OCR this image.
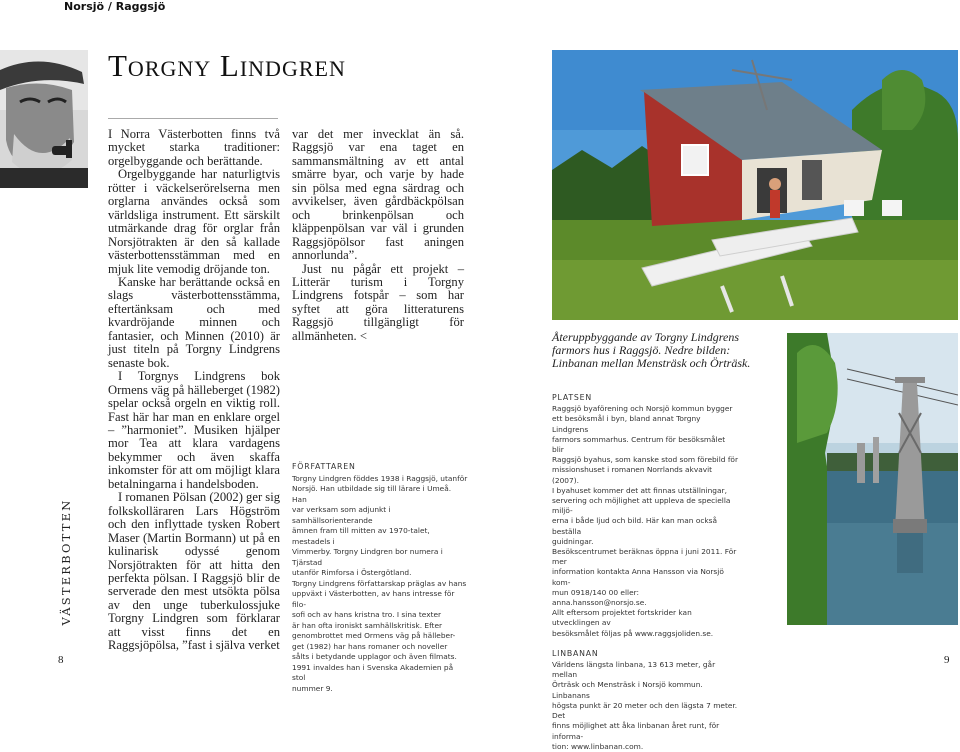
Norsjö / Raggsjö
VÄSTERBOTTEN
Torgny Lindgren

I Norra Västerbotten finns två mycket starka traditioner: orgelbyggande och berättande.

Orgelbyggande har naturligtvis rötter i väckelserörelserna men orglarna användes också som världsliga instrument. Ett särskilt utmärkande drag för orglar från Norsjötrakten är den så kallade västerbottensstämman med en mjuk lite vemodig dröjande ton.

Kanske har berättande också en slags västerbottensstämma, eftertänksam och med kvardröjande minnen och fantasier, och Minnen (2010) är just titeln på Torgny Lindgrens senaste bok.

I Torgnys Lindgrens bok Ormens väg på hälleberget (1982) spelar också orgeln en viktig roll. Fast här har man en enklare orgel – ”harmoniet”. Musiken hjälper mor Tea att klara vardagens bekymmer och även skaffa inkomster för att om möjligt klara betalningarna i handelsboden.

I romanen Pölsan (2002) ger sig folkskolläraren Lars Högström och den inflyttade tysken Robert Maser (Martin Bormann) ut på en kulinarisk odyssé genom Norsjötrakten för att hitta den perfekta pölsan. I Raggsjö blir de serverade den mest utsökta pölsa av den unge tuberkulossjuke Torgny Lindgren som förklarar att visst finns det en Raggsjöpölsa, ”fast i själva verket

var det mer invecklat än så. Raggsjö var ena taget en sammansmältning av ett antal smärre byar, och varje by hade sin pölsa med egna särdrag och avvikelser, även gårdbäckpölsan och brinkenpölsan och kläppenpölsan var väl i grunden Raggsjöpölsor fast aningen annorlunda”.

Just nu pågår ett projekt – Litterär turism i Torgny Lindgrens fotspår – som har syftet att göra litteraturens Raggsjö tillgängligt för allmänheten. <

FÖRFATTAREN
Torgny Lindgren föddes 1938 i Raggsjö, utanför
Norsjö. Han utbildade sig till lärare i Umeå. Han
var verksam som adjunkt i samhällsorienterande
ämnen fram till mitten av 1970-talet, mestadels i
Vimmerby. Torgny Lindgren bor numera i Tjärstad
utanför Rimforsa i Östergötland.
Torgny Lindgrens författarskap präglas av hans
uppväxt i Västerbotten, av hans intresse för filo-
sofi och av hans kristna tro. I sina texter
är han ofta ironiskt samhällskritisk. Efter
genombrottet med Ormens väg på hälleber-
get (1982) har hans romaner och noveller
sålts i betydande upplagor och även filmats.
1991 invaldes han i Svenska Akademien på stol
nummer 9.
Återuppbyggande av Torgny Lindgrens farmors hus i Raggsjö. Nedre bilden: Linbanan mellan Mensträsk och Örträsk.
PLATSEN
Raggsjö byaförening och Norsjö kommun bygger
ett besöksmål i byn, bland annat Torgny Lindgrens
farmors sommarhus. Centrum för besöksmålet blir
Raggsjö byahus, som kanske stod som förebild för
missionshuset i romanen Norrlands akvavit (2007).
I byahuset kommer det att finnas utställningar,
servering och möjlighet att uppleva de speciella miljö-
erna i både ljud och bild. Här kan man också beställa
guidningar.
Besökscentrumet beräknas öppna i juni 2011. För mer
information kontakta Anna Hansson via Norsjö kom-
mun 0918/140 00 eller:
anna.hansson@norsjo.se.
Allt eftersom projektet fortskrider kan utvecklingen av
besöksmålet följas på www.raggsjoliden.se.
LINBANAN
Världens längsta linbana, 13 613 meter, går mellan
Örträsk och Mensträsk i Norsjö kommun. Linbanans
högsta punkt är 20 meter och den lägsta 7 meter. Det
finns möjlighet att åka linbanan året runt, för informa-
tion: www.linbanan.com.
8	9
